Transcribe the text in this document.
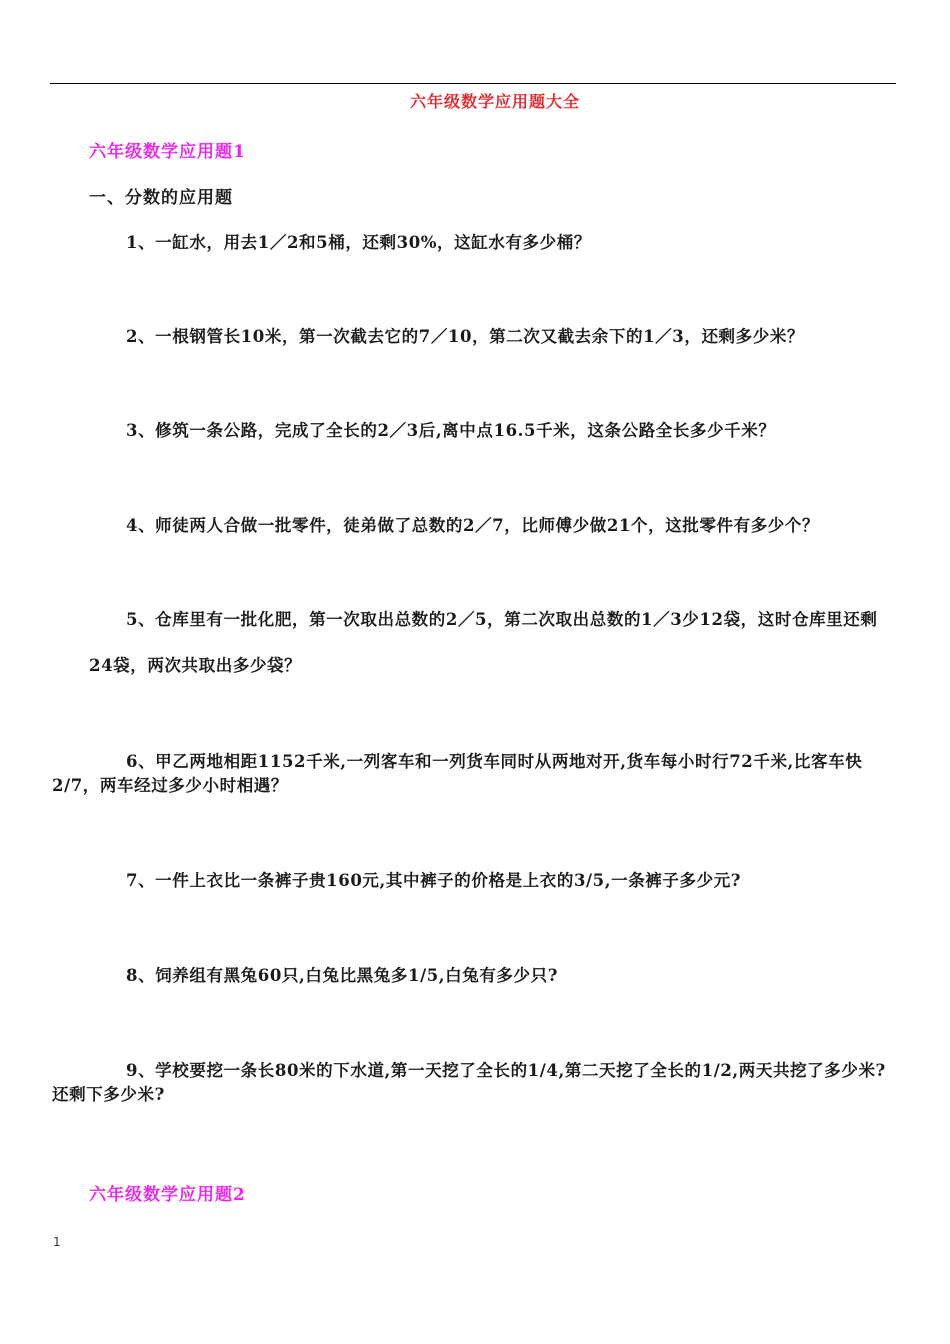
六年级数学应用题大全
六年级数学应用题1
一、分数的应用题
1、一缸水，用去1／2和5桶，还剩30%，这缸水有多少桶？
2、一根钢管长10米，第一次截去它的7／10，第二次又截去余下的1／3，还剩多少米？
3、修筑一条公路，完成了全长的2／3后,离中点16.5千米，这条公路全长多少千米？
4、师徒两人合做一批零件，徒弟做了总数的2／7，比师傅少做21个，这批零件有多少个？
5、仓库里有一批化肥，第一次取出总数的2／5，第二次取出总数的1／3少12袋，这时仓库里还剩24袋，两次共取出多少袋？
6、甲乙两地相距1152千米,一列客车和一列货车同时从两地对开,货车每小时行72千米,比客车快 2/7，两车经过多少小时相遇？
7、一件上衣比一条裤子贵160元,其中裤子的价格是上衣的3/5,一条裤子多少元?
8、饲养组有黑兔60只,白兔比黑兔多1/5,白兔有多少只?
9、学校要挖一条长80米的下水道,第一天挖了全长的1/4,第二天挖了全长的1/2,两天共挖了多少米?还剩下多少米?
六年级数学应用题2
1
